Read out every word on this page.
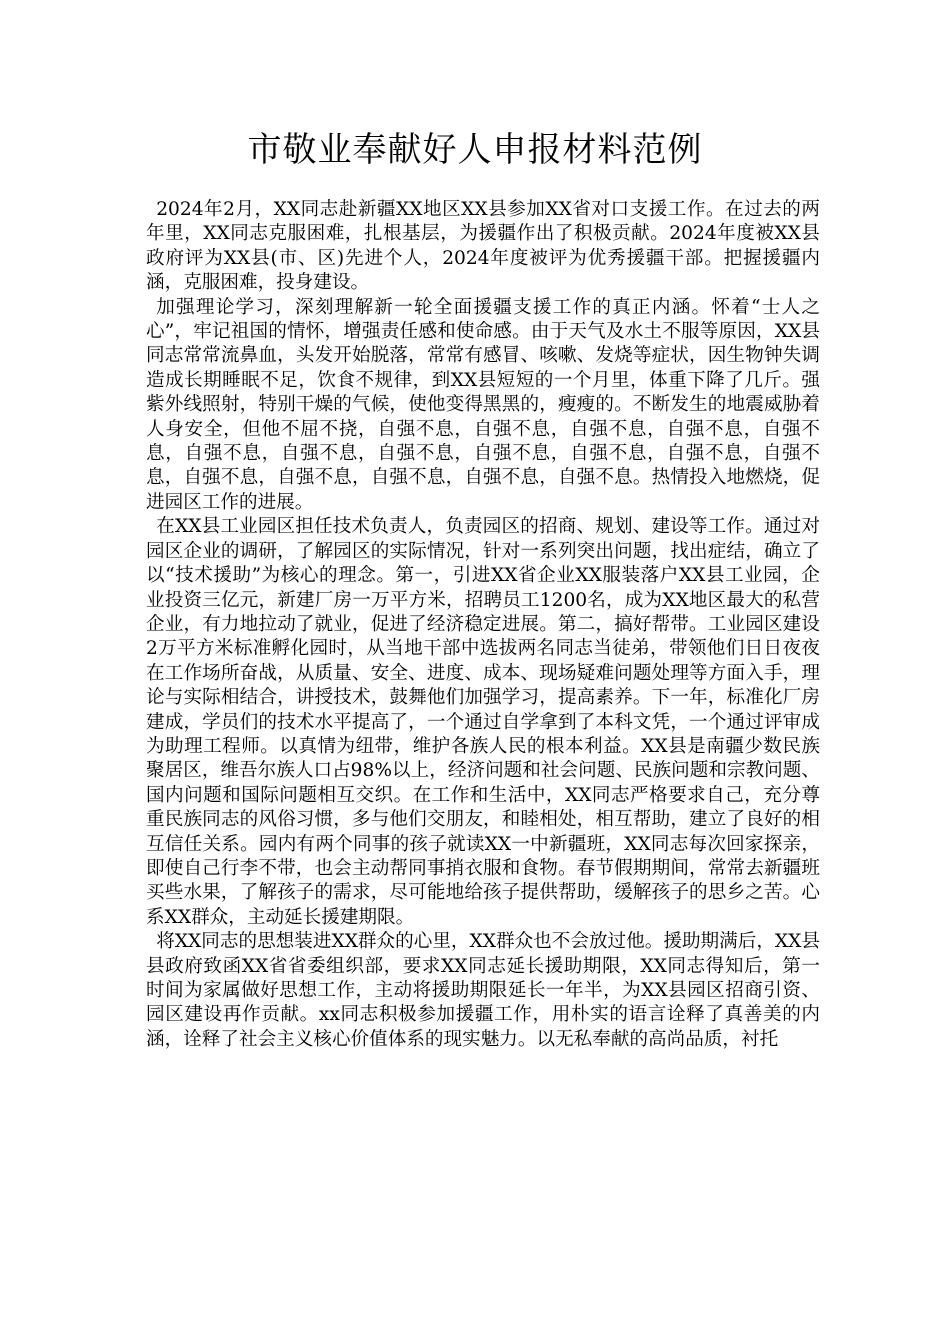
市敬业奉献好人申报材料范例

2024年2月，XX同志赴新疆XX地区XX县参加XX省对口支援工作。在过去的两年里，XX同志克服困难，扎根基层，为援疆作出了积极贡献。2024年度被XX县政府评为XX县(市、区)先进个人，2024年度被评为优秀援疆干部。把握援疆内涵，克服困难，投身建设。

加强理论学习，深刻理解新一轮全面援疆支援工作的真正内涵。怀着“士人之心”，牢记祖国的情怀，增强责任感和使命感。由于天气及水土不服等原因，XX县同志常常流鼻血，头发开始脱落，常常有感冒、咳嗽、发烧等症状，因生物钟失调造成长期睡眠不足，饮食不规律，到XX县短短的一个月里，体重下降了几斤。强紫外线照射，特别干燥的气候，使他变得黑黑的，瘦瘦的。不断发生的地震威胁着人身安全，但他不屈不挠，自强不息，自强不息，自强不息，自强不息，自强不息，自强不息，自强不息，自强不息，自强不息，自强不息，自强不息，自强不息，自强不息，自强不息，自强不息，自强不息，自强不息。热情投入地燃烧，促进园区工作的进展。

在XX县工业园区担任技术负责人，负责园区的招商、规划、建设等工作。通过对园区企业的调研，了解园区的实际情况，针对一系列突出问题，找出症结，确立了以“技术援助”为核心的理念。第一，引进XX省企业XX服装落户XX县工业园，企业投资三亿元，新建厂房一万平方米，招聘员工1200名，成为XX地区最大的私营企业，有力地拉动了就业，促进了经济稳定进展。第二，搞好帮带。工业园区建设2万平方米标准孵化园时，从当地干部中选拔两名同志当徒弟，带领他们日日夜夜在工作场所奋战，从质量、安全、进度、成本、现场疑难问题处理等方面入手，理论与实际相结合，讲授技术，鼓舞他们加强学习，提高素养。下一年，标准化厂房建成，学员们的技术水平提高了，一个通过自学拿到了本科文凭，一个通过评审成为助理工程师。以真情为纽带，维护各族人民的根本利益。XX县是南疆少数民族聚居区，维吾尔族人口占98%以上，经济问题和社会问题、民族问题和宗教问题、国内问题和国际问题相互交织。在工作和生活中，XX同志严格要求自己，充分尊重民族同志的风俗习惯，多与他们交朋友，和睦相处，相互帮助，建立了良好的相互信任关系。园内有两个同事的孩子就读XX一中新疆班，XX同志每次回家探亲，即使自己行李不带，也会主动帮同事捎衣服和食物。春节假期期间，常常去新疆班买些水果，了解孩子的需求，尽可能地给孩子提供帮助，缓解孩子的思乡之苦。心系XX群众，主动延长援建期限。

将XX同志的思想装进XX群众的心里，XX群众也不会放过他。援助期满后，XX县县政府致函XX省省委组织部，要求XX同志延长援助期限，XX同志得知后，第一时间为家属做好思想工作，主动将援助期限延长一年半，为XX县园区招商引资、园区建设再作贡献。xx同志积极参加援疆工作，用朴实的语言诠释了真善美的内涵，诠释了社会主义核心价值体系的现实魅力。以无私奉献的高尚品质，衬托
